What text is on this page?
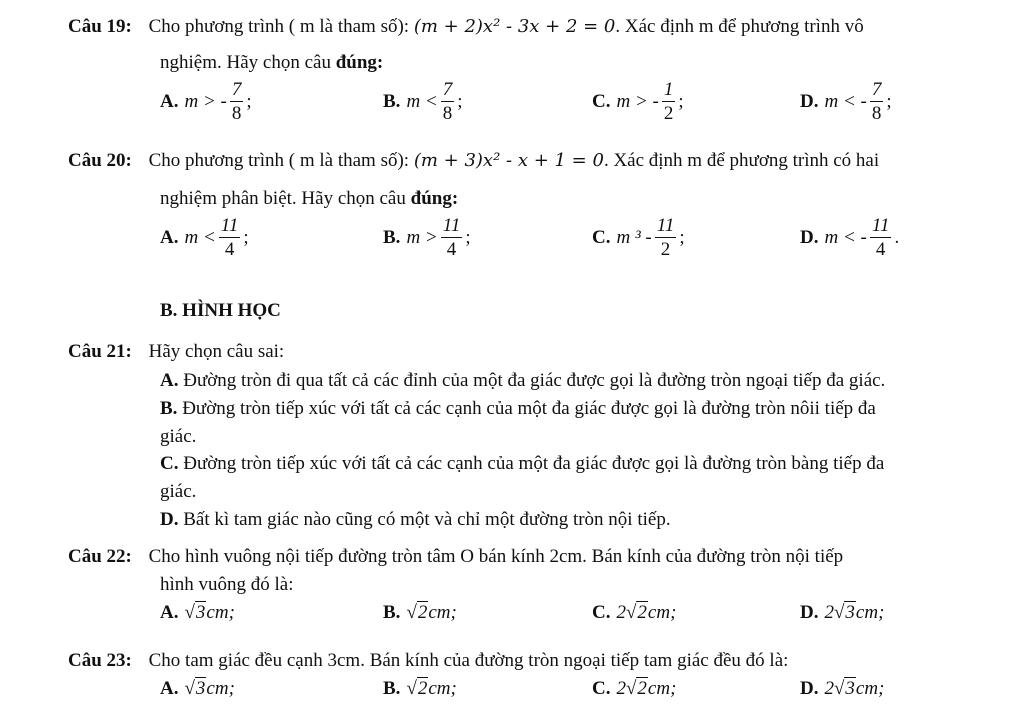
Câu 19: Cho phương trình ( m là tham số): (m + 2)x² - 3x + 2 = 0. Xác định m để phương trình vô
nghiệm. Hãy chọn câu đúng:
A. m > - $\frac{7}{8}$ ;	B. $m < \frac{7}{8}$ ;	C. m > - $\frac{1}{2}$ ;	D. m < - $\frac{7}{8}$ ;
Câu 20: Cho phương trình ( m là tham số): (m + 3)x² - x + 1 = 0. Xác định m để phương trình có hai
nghiệm phân biệt. Hãy chọn câu đúng:
A. $m < \frac{11}{4}$ ;	B. $m > \frac{11}{4}$ ;	C. m $^3 - \frac{11}{2}$ ;	D. m < - $\frac{11}{4}$ .
B. HÌNH HỌC
Câu 21: Hãy chọn câu sai:
A. Đường tròn đi qua tất cả các đỉnh của một đa giác được gọi là đường tròn ngoại tiếp đa giác.
B. Đường tròn tiếp xúc với tất cả các cạnh của một đa giác được gọi là đường tròn nôii tiếp đa
giác.
C. Đường tròn tiếp xúc với tất cả các cạnh của một đa giác được gọi là đường tròn bàng tiếp đa
giác.
D. Bất kì tam giác nào cũng có một và chỉ một đường tròn nội tiếp.
Câu 22: Cho hình vuông nội tiếp đường tròn tâm O bán kính 2cm. Bán kính của đường tròn nội tiếp
hình vuông đó là:
A. √3 cm;	B. √2 cm;	C. 2 √2 cm;	D. 2 √3 cm;
Câu 23: Cho tam giác đều cạnh 3cm. Bán kính của đường tròn ngoại tiếp tam giác đều đó là:
A. √3 cm;	B. √2 cm;	C. 2 √2 cm;	D. 2 √3 cm;
